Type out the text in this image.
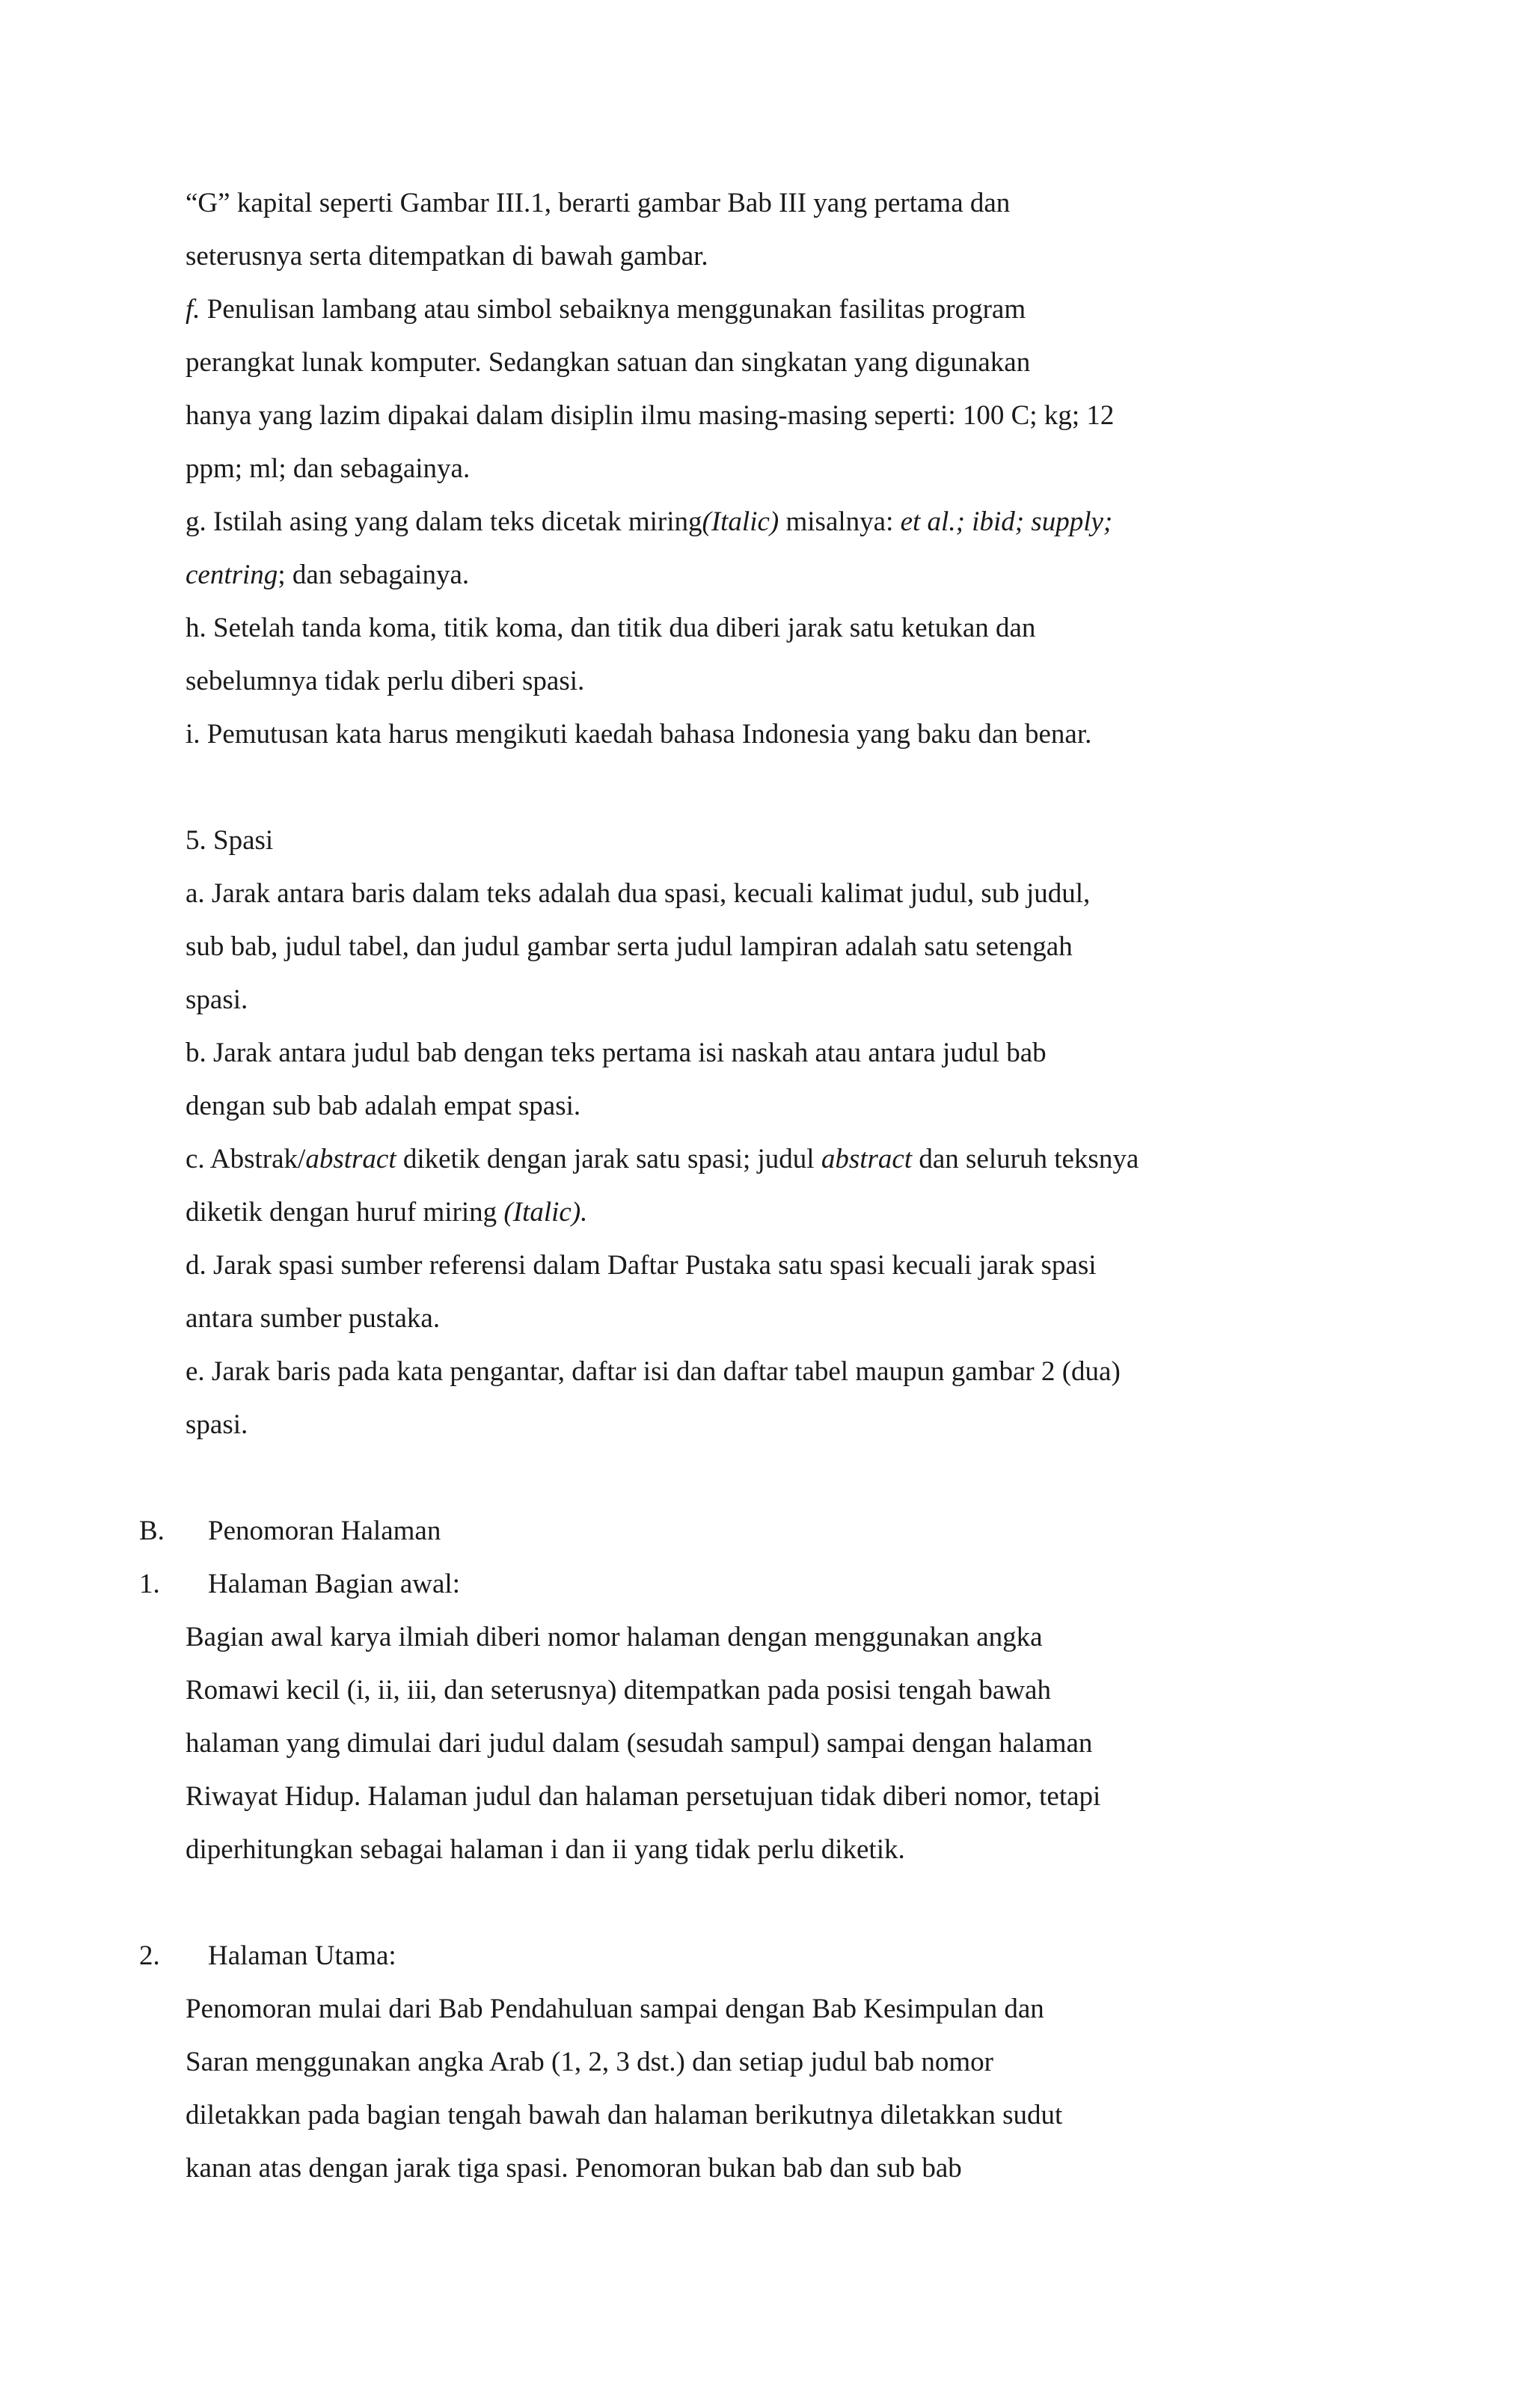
“G” kapital seperti Gambar III.1, berarti gambar Bab III yang pertama dan
seterusnya serta ditempatkan di bawah gambar.
f. Penulisan lambang atau simbol sebaiknya menggunakan fasilitas program
perangkat lunak komputer. Sedangkan satuan dan singkatan yang digunakan
hanya yang lazim dipakai dalam disiplin ilmu masing-masing seperti: 100 C; kg; 12
ppm; ml; dan sebagainya.
g. Istilah asing yang dalam teks dicetak miring(Italic) misalnya: et al.; ibid; supply;
centring; dan sebagainya.
h. Setelah tanda koma, titik koma, dan titik dua diberi jarak satu ketukan dan
sebelumnya tidak perlu diberi spasi.
i. Pemutusan kata harus mengikuti kaedah bahasa Indonesia yang baku dan benar.
5. Spasi
a. Jarak antara baris dalam teks adalah dua spasi, kecuali kalimat judul, sub judul,
sub bab, judul tabel, dan judul gambar serta judul lampiran adalah satu setengah
spasi.
b. Jarak antara judul bab dengan teks pertama isi naskah atau antara judul bab
dengan sub bab adalah empat spasi.
c. Abstrak/abstract diketik dengan jarak satu spasi; judul abstract dan seluruh teksnya
diketik dengan huruf miring (Italic).
d. Jarak spasi sumber referensi dalam Daftar Pustaka satu spasi kecuali jarak spasi
antara sumber pustaka.
e. Jarak baris pada kata pengantar, daftar isi dan daftar tabel maupun gambar 2 (dua)
spasi.
B. Penomoran Halaman
1. Halaman Bagian awal:
Bagian awal karya ilmiah diberi nomor halaman dengan menggunakan angka
Romawi kecil (i, ii, iii, dan seterusnya) ditempatkan pada posisi tengah bawah
halaman yang dimulai dari judul dalam (sesudah sampul) sampai dengan halaman
Riwayat Hidup. Halaman judul dan halaman persetujuan tidak diberi nomor, tetapi
diperhitungkan sebagai halaman i dan ii yang tidak perlu diketik.
2. Halaman Utama:
Penomoran mulai dari Bab Pendahuluan sampai dengan Bab Kesimpulan dan
Saran menggunakan angka Arab (1, 2, 3 dst.) dan setiap judul bab nomor
diletakkan pada bagian tengah bawah dan halaman berikutnya diletakkan sudut
kanan atas dengan jarak tiga spasi. Penomoran bukan bab dan sub bab
